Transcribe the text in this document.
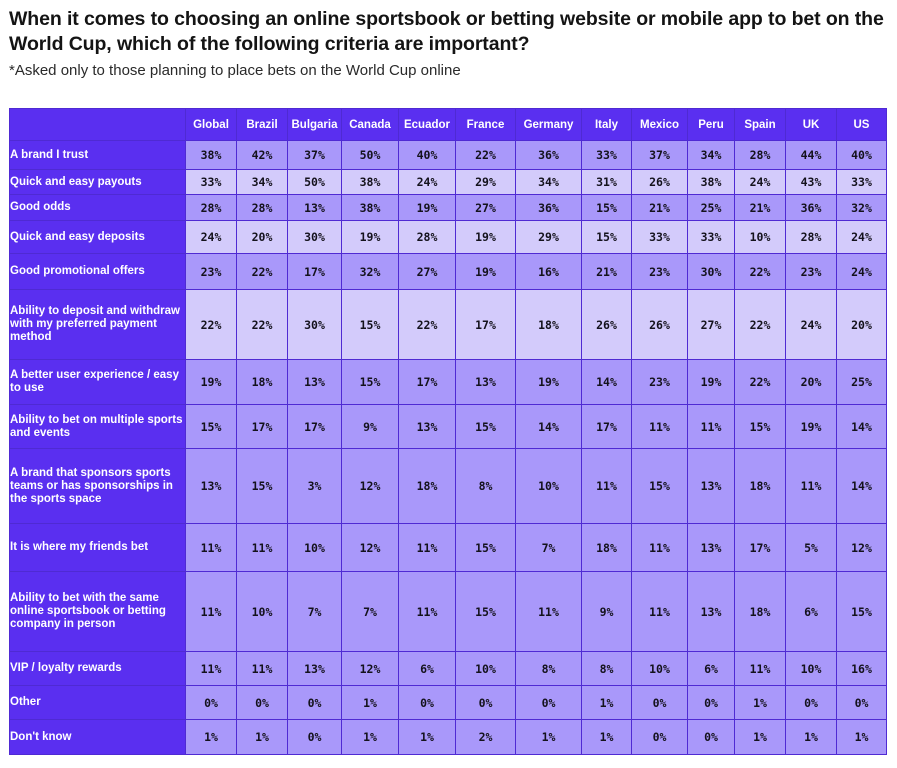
When it comes to choosing an online sportsbook or betting website or mobile app to bet on the World Cup, which of the following criteria are important?
*Asked only to those planning to place bets on the World Cup online
	Global	Brazil	Bulgaria	Canada	Ecuador	France	Germany	Italy	Mexico	Peru	Spain	UK	US
A brand I trust	38%	42%	37%	50%	40%	22%	36%	33%	37%	34%	28%	44%	40%
Quick and easy payouts	33%	34%	50%	38%	24%	29%	34%	31%	26%	38%	24%	43%	33%
Good odds	28%	28%	13%	38%	19%	27%	36%	15%	21%	25%	21%	36%	32%
Quick and easy deposits	24%	20%	30%	19%	28%	19%	29%	15%	33%	33%	10%	28%	24%
Good promotional offers	23%	22%	17%	32%	27%	19%	16%	21%	23%	30%	22%	23%	24%
Ability to deposit and withdraw with my preferred payment method	22%	22%	30%	15%	22%	17%	18%	26%	26%	27%	22%	24%	20%
A better user experience / easy to use	19%	18%	13%	15%	17%	13%	19%	14%	23%	19%	22%	20%	25%
Ability to bet on multiple sports and events	15%	17%	17%	9%	13%	15%	14%	17%	11%	11%	15%	19%	14%
A brand that sponsors sports teams or has sponsorships in the sports space	13%	15%	3%	12%	18%	8%	10%	11%	15%	13%	18%	11%	14%
It is where my friends bet	11%	11%	10%	12%	11%	15%	7%	18%	11%	13%	17%	5%	12%
Ability to bet with the same online sportsbook or betting company in person	11%	10%	7%	7%	11%	15%	11%	9%	11%	13%	18%	6%	15%
VIP / loyalty rewards	11%	11%	13%	12%	6%	10%	8%	8%	10%	6%	11%	10%	16%
Other	0%	0%	0%	1%	0%	0%	0%	1%	0%	0%	1%	0%	0%
Don't know	1%	1%	0%	1%	1%	2%	1%	1%	0%	0%	1%	1%	1%
